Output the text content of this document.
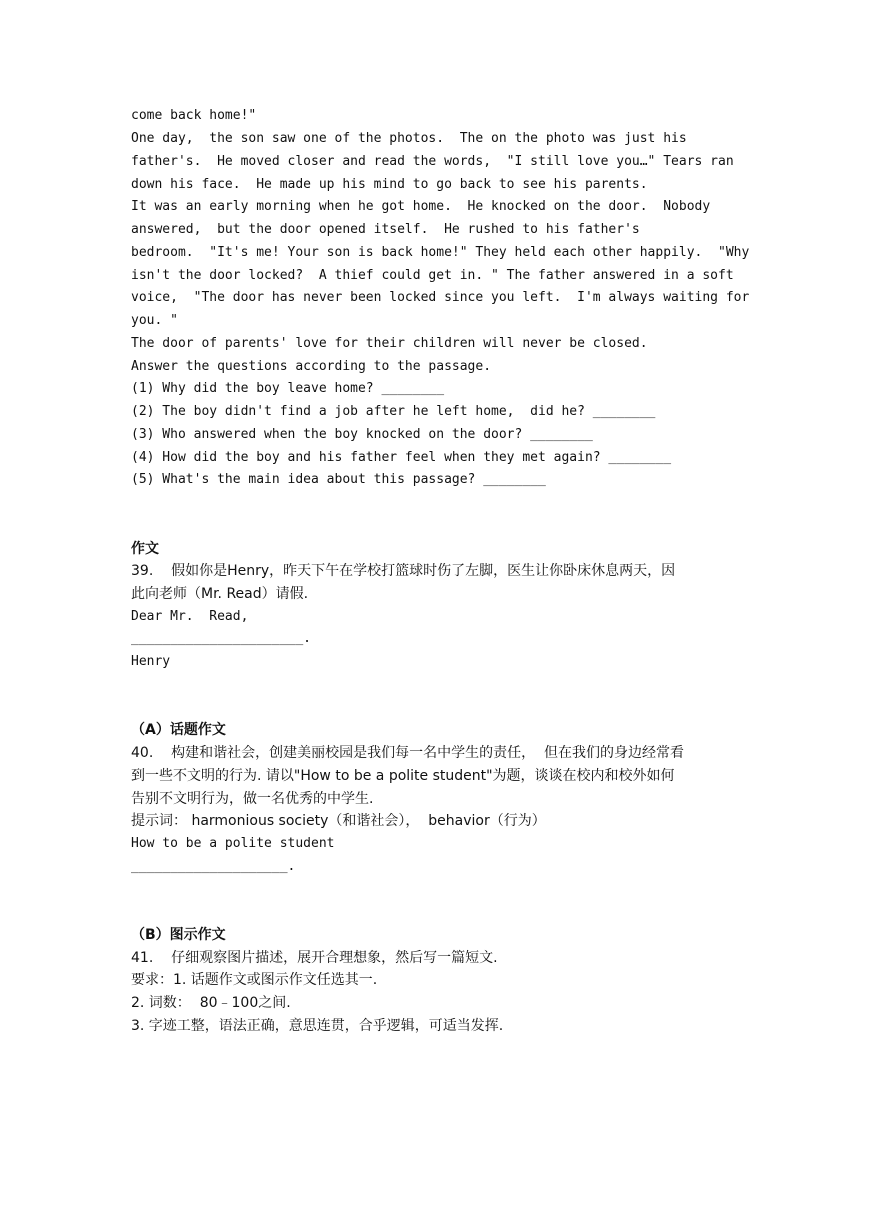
come back home!"
One day,  the son saw one of the photos.  The on the photo was just his
father's.  He moved closer and read the words,  "I still love you…" Tears ran
down his face.  He made up his mind to go back to see his parents.
It was an early morning when he got home.  He knocked on the door.  Nobody
answered,  but the door opened itself.  He rushed to his father's
bedroom.  "It's me! Your son is back home!" They held each other happily.  "Why
isn't the door locked?  A thief could get in. " The father answered in a soft
voice,  "The door has never been locked since you left.  I'm always waiting for
you. "
The door of parents' love for their children will never be closed.
Answer the questions according to the passage.
(1) Why did the boy leave home? ________
(2) The boy didn't find a job after he left home,  did he? ________
(3) Who answered when the boy knocked on the door? ________
(4) How did the boy and his father feel when they met again? ________
(5) What's the main idea about this passage? ________
作文
39.    假如你是Henry，昨天下午在学校打篮球时伤了左脚，医生让你卧床休息两天，因
此向老师（Mr. Read）请假.
Dear Mr.  Read,
______________________.
Henry
（A）话题作文
40.    构建和谐社会，创建美丽校园是我们每一名中学生的责任，  但在我们的身边经常看
到一些不文明的行为. 请以"How to be a polite student"为题，谈谈在校内和校外如何
告别不文明行为，做一名优秀的中学生.
提示词： harmonious society（和谐社会），  behavior（行为）
How to be a polite student
____________________.
（B）图示作文
41.    仔细观察图片描述，展开合理想象，然后写一篇短文.
要求：1. 话题作文或图示作文任选其一.
2. 词数：  80﹣100之间.
3. 字迹工整，语法正确，意思连贯，合乎逻辑，可适当发挥.
